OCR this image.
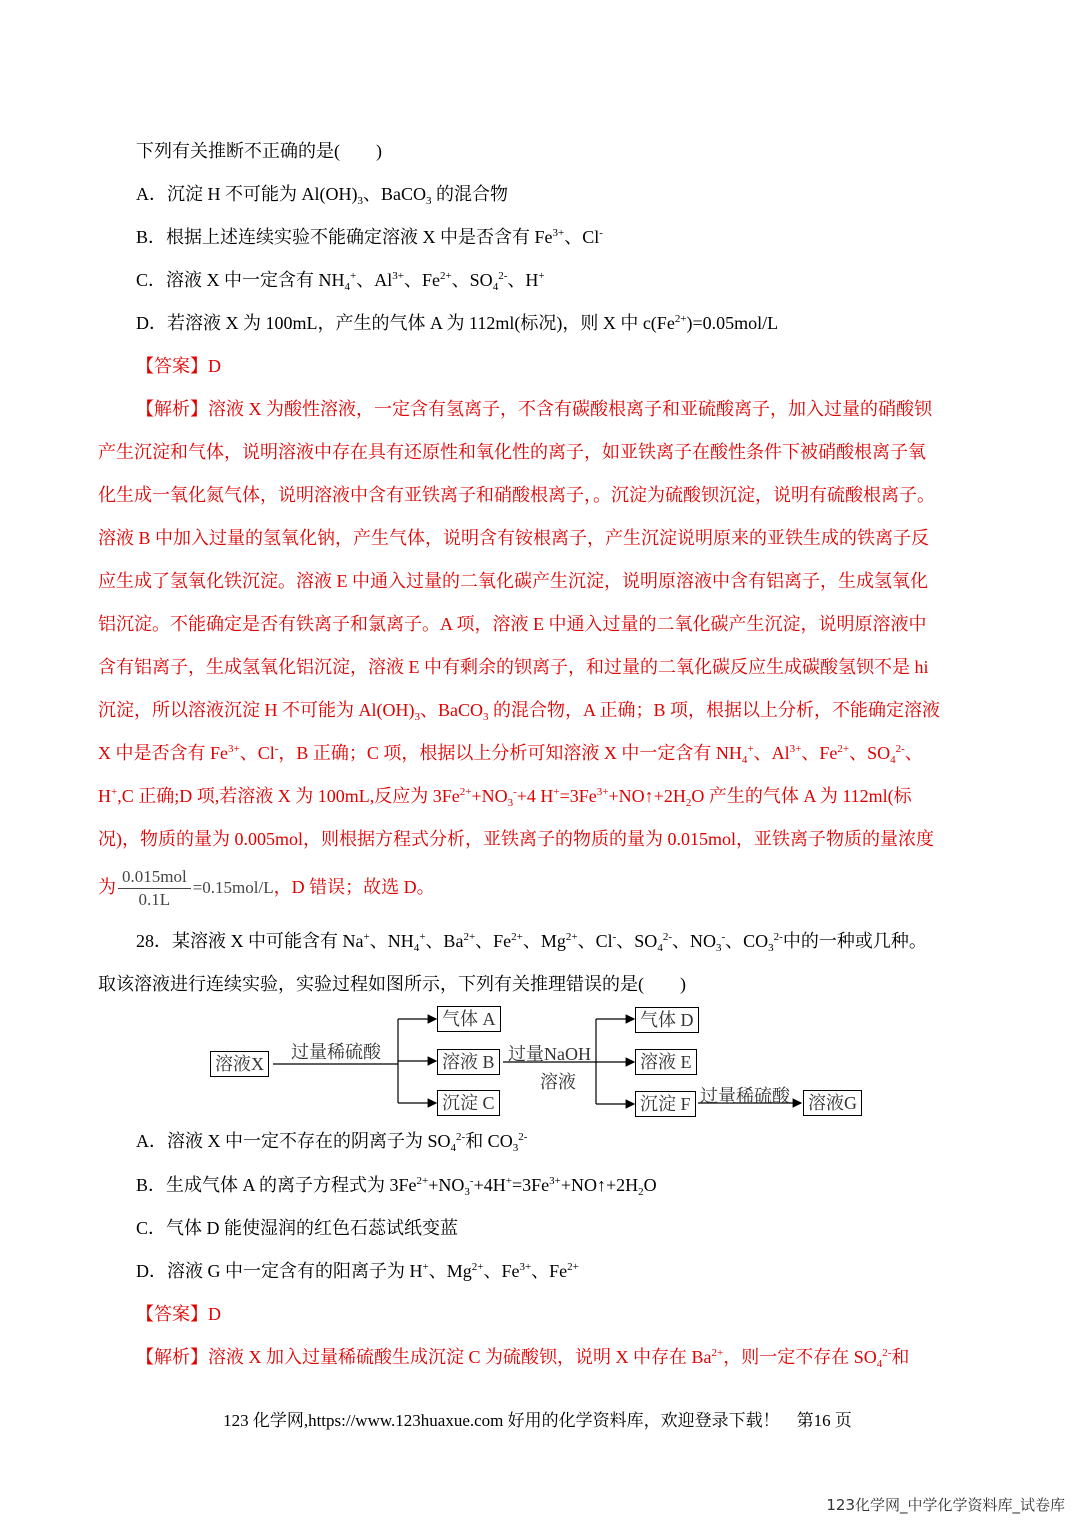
下列有关推断不正确的是(　　)
A．沉淀 H 不可能为 $Al(OH)_3$、BaCO$_3$ 的混合物
B．根据上述连续实验不能确定溶液 X 中是否含有 $Fe^{3+}$、Cl-
C．溶液 X 中一定含有 $NH_4^+$、$Al^{3+}$、$Fe^{2+}$、$SO_4^{2-}$、H+
D．若溶液 X 为 100mL，产生的气体 A 为 112ml(标况)，则 X 中 $c(Fe^{2+})=0.05mol/L$
【答案】D
【解析】溶液 X 为酸性溶液，一定含有氢离子，不含有碳酸根离子和亚硫酸离子，加入过量的硝酸钡
产生沉淀和气体，说明溶液中存在具有还原性和氧化性的离子，如亚铁离子在酸性条件下被硝酸根离子氧
化生成一氧化氮气体，说明溶液中含有亚铁离子和硝酸根离子，。沉淀为硫酸钡沉淀，说明有硫酸根离子。
溶液 B 中加入过量的氢氧化钠，产生气体，说明含有铵根离子，产生沉淀说明原来的亚铁生成的铁离子反
应生成了氢氧化铁沉淀。溶液 E 中通入过量的二氧化碳产生沉淀，说明原溶液中含有铝离子，生成氢氧化
铝沉淀。不能确定是否有铁离子和氯离子。A 项，溶液 E 中通入过量的二氧化碳产生沉淀，说明原溶液中
含有铝离子，生成氢氧化铝沉淀，溶液 E 中有剩余的钡离子，和过量的二氧化碳反应生成碳酸氢钡不是 hi
沉淀，所以溶液沉淀 H 不可能为 $Al(OH)_3$、BaCO$_3$ 的混合物，A 正确；B 项，根据以上分析，不能确定溶液
X 中是否含有 $Fe^{3+}$、Cl-，B 正确；C 项，根据以上分析可知溶液 X 中一定含有 $NH_4^+$、$Al^{3+}$、$Fe^{2+}$、$SO_4^{2-}$、
H+,C 正确;D 项,若溶液 X 为 100mL,反应为 $3Fe^{2+}+NO_3^-+4$ $H^+=3Fe^{3+}+NO↑+2H_2O$ 产生的气体 A 为 112ml(标
况)，物质的量为 0.005mol，则根据方程式分析，亚铁离子的物质的量为 0.015mol，亚铁离子物质的量浓度
为 $\frac{\text{0.015mol}}{0.1L} =0.15mol/L$，D 错误；故选 D。
28．某溶液 X 中可能含有 Na+、$NH_4^+$、$Ba^{2+}$、$Fe^{2+}$、$Mg^{2+}$、Cl-、$SO_4^{2-}$、$NO_3^-$、$CO_3^{2-}$中的一种或几种。
取该溶液进行连续实验，实验过程如图所示，下列有关推理错误的是(　　)
溶液X
过量稀硫酸
气体 A
溶液 B
沉淀 C
过量NaOH
溶液
气体 D
溶液 E
沉淀 F 过量稀硫酸 溶液G
A．溶液 X 中一定不存在的阴离子为 $SO_4^{2-}$和 $CO_3^{2-}$
B．生成气体 A 的离子方程式为 $3Fe^{2+}+NO_3^-+4H^+=3Fe^{3+}+NO↑+2H_2O$
C．气体 D 能使湿润的红色石蕊试纸变蓝
D．溶液 G 中一定含有的阳离子为 H+、$Mg^{2+}$、$Fe^{3+}$、$Fe^{2+}$
【答案】D
【解析】溶液 X 加入过量稀硫酸生成沉淀 C 为硫酸钡，说明 X 中存在 $Ba^{2+}$，则一定不存在 $SO_4^{2-}$和
123 化学网,https://www.123huaxue.com 好用的化学资料库，欢迎登录下载！　第16 页
123化学网_中学化学资料库_试卷库
